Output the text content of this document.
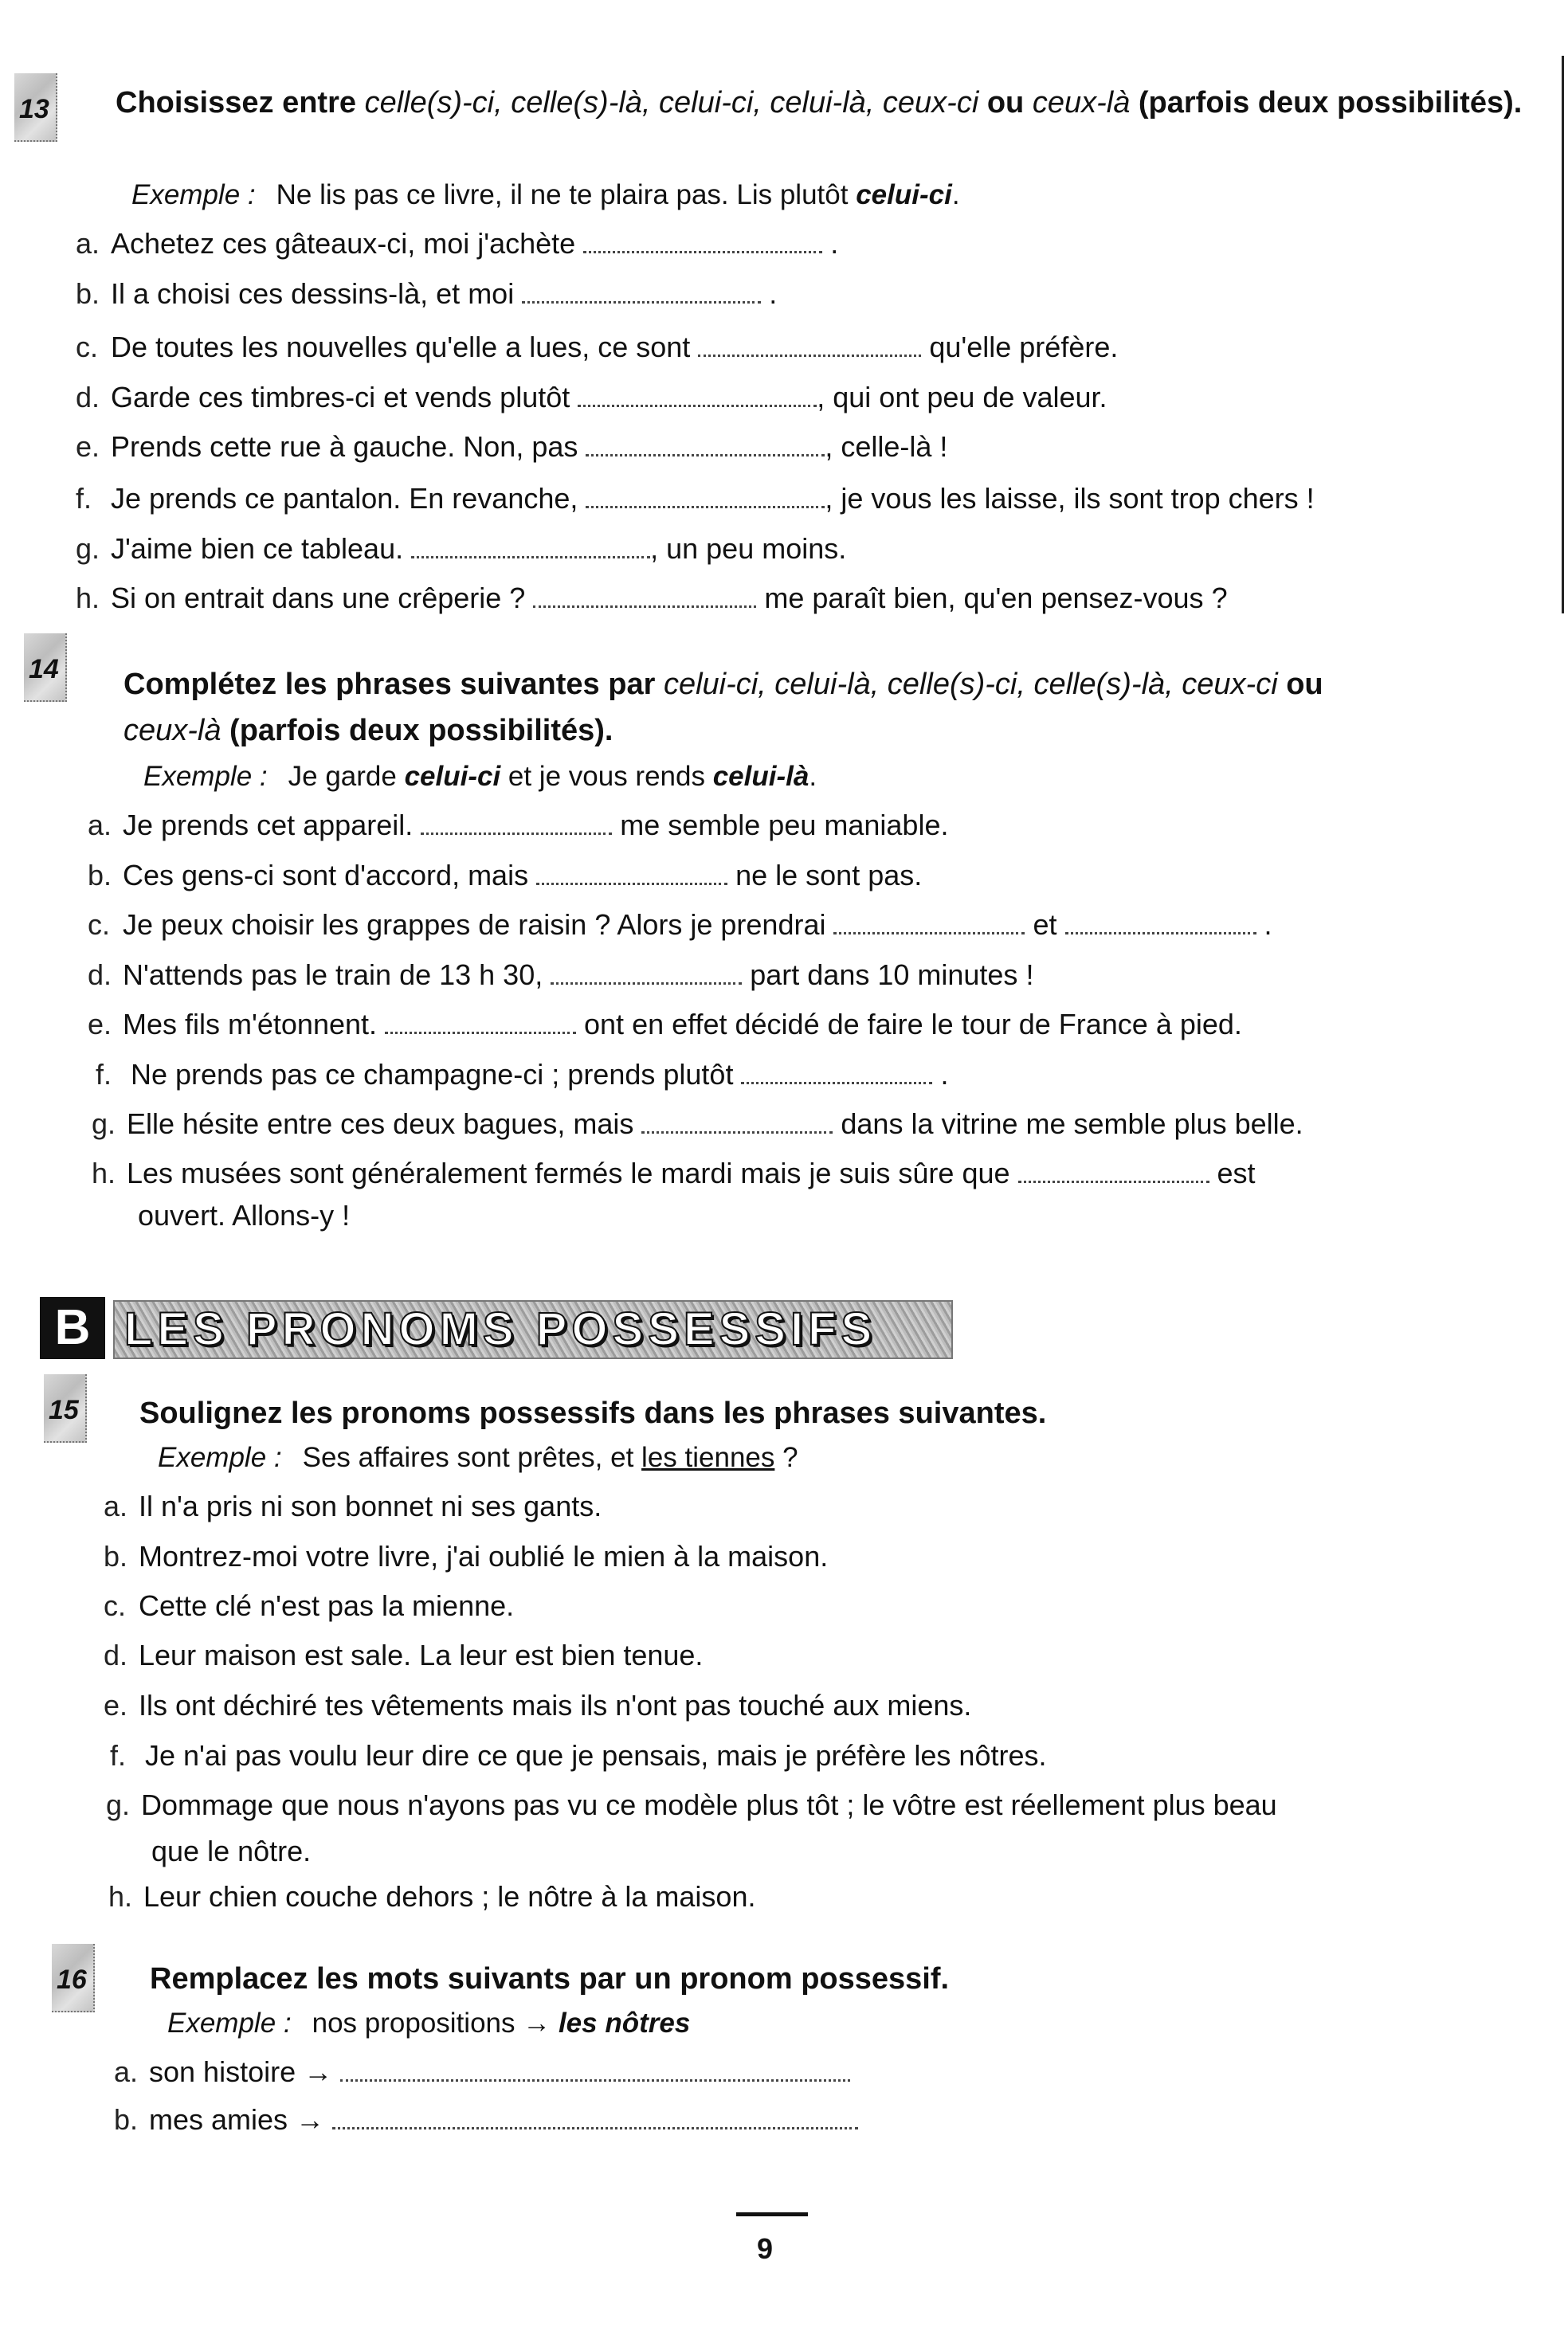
13 Choisissez entre celle(s)-ci, celle(s)-là, celui-ci, celui-là, ceux-ci ou ceux-là (parfois deux possibilités).
Exemple : Ne lis pas ce livre, il ne te plaira pas. Lis plutôt celui-ci.
a. Achetez ces gâteaux-ci, moi j'achète	.
b. Il a choisi ces dessins-là, et moi	.
c. De toutes les nouvelles qu'elle a lues, ce sont	qu'elle préfère.
d. Garde ces timbres-ci et vends plutôt	, qui ont peu de valeur.
e. Prends cette rue à gauche. Non, pas	, celle-là !
f. Je prends ce pantalon. En revanche,	, je vous les laisse, ils sont trop chers !
g. J'aime bien ce tableau.	, un peu moins.
h. Si on entrait dans une crêperie ?	me paraît bien, qu'en pensez-vous ?
14 Complétez les phrases suivantes par celui-ci, celui-là, celle(s)-ci, celle(s)-là, ceux-ci ou
ceux-là (parfois deux possibilités).
Exemple : Je garde celui-ci et je vous rends celui-là.
a. Je prends cet appareil.	me semble peu maniable.
b. Ces gens-ci sont d'accord, mais	ne le sont pas.
c. Je peux choisir les grappes de raisin ? Alors je prendrai	et	.
d. N'attends pas le train de 13 h 30,	part dans 10 minutes !
e. Mes fils m'étonnent.	ont en effet décidé de faire le tour de France à pied.
f. Ne prends pas ce champagne-ci ; prends plutôt	.
g. Elle hésite entre ces deux bagues, mais	dans la vitrine me semble plus belle.
h. Les musées sont généralement fermés le mardi mais je suis sûre que	est
ouvert. Allons-y !
B LES PRONOMS POSSESSIFS
15 Soulignez les pronoms possessifs dans les phrases suivantes.
Exemple : Ses affaires sont prêtes, et les tiennes ?
a. Il n'a pris ni son bonnet ni ses gants.
b. Montrez-moi votre livre, j'ai oublié le mien à la maison.
c. Cette clé n'est pas la mienne.
d. Leur maison est sale. La leur est bien tenue.
e. Ils ont déchiré tes vêtements mais ils n'ont pas touché aux miens.
f. Je n'ai pas voulu leur dire ce que je pensais, mais je préfère les nôtres.
g. Dommage que nous n'ayons pas vu ce modèle plus tôt ; le vôtre est réellement plus beau
que le nôtre.
h. Leur chien couche dehors ; le nôtre à la maison.
16 Remplacez les mots suivants par un pronom possessif.
Exemple : nos propositions → les nôtres
a. son histoire →
b. mes amies →
9
